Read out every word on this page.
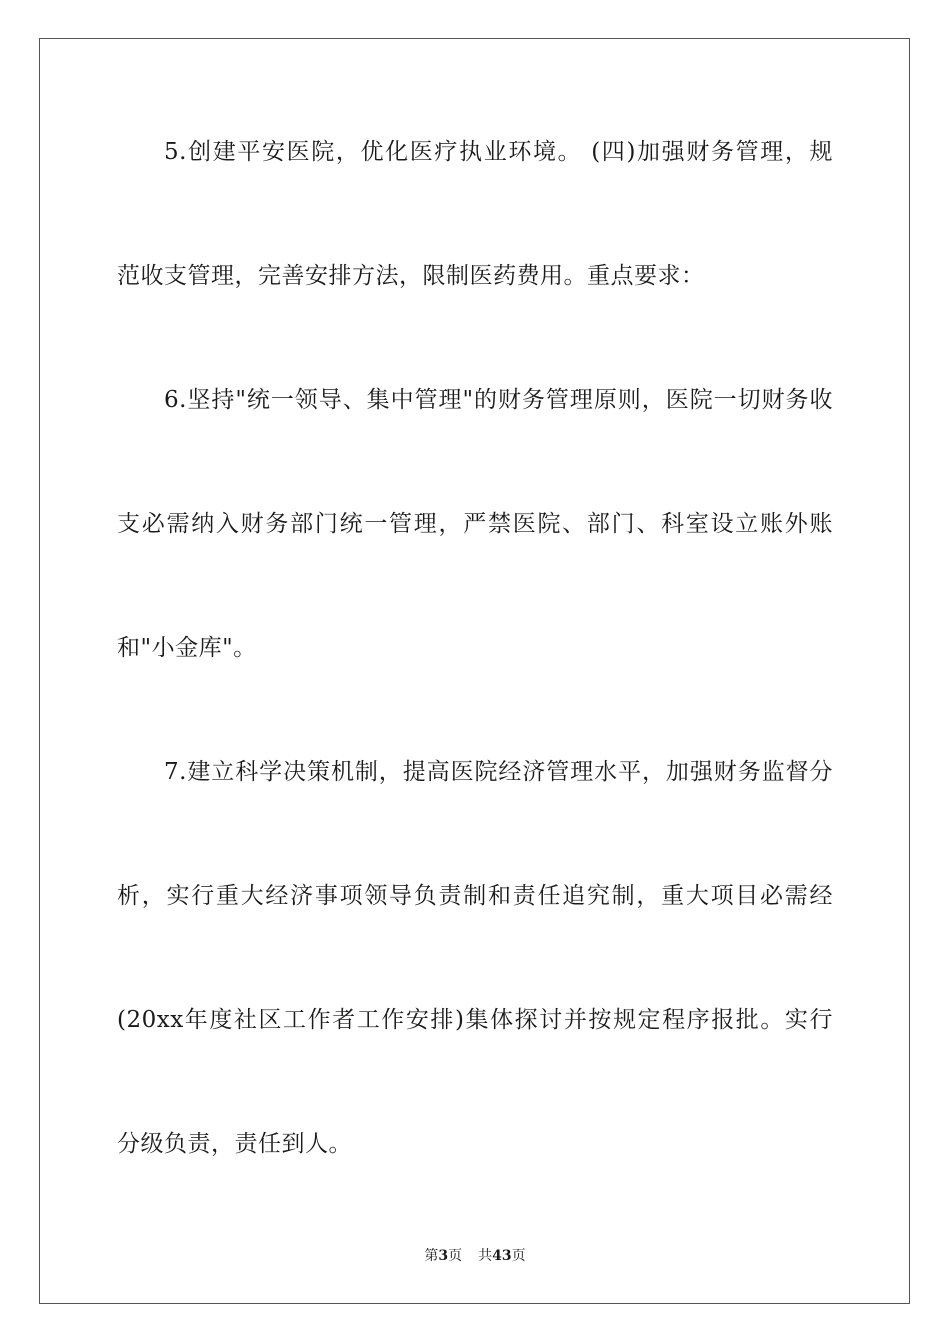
5.创建平安医院，优化医疗执业环境。 (四)加强财务管理，规
范收支管理，完善安排方法，限制医药费用。重点要求：
6.坚持"统一领导、集中管理"的财务管理原则，医院一切财务收
支必需纳入财务部门统一管理，严禁医院、部门、科室设立账外账
和"小金库"。
7.建立科学决策机制，提高医院经济管理水平，加强财务监督分
析，实行重大经济事项领导负责制和责任追究制，重大项目必需经
(20xx年度社区工作者工作安排)集体探讨并按规定程序报批。实行
分级负责，责任到人。
第3页 共43页
